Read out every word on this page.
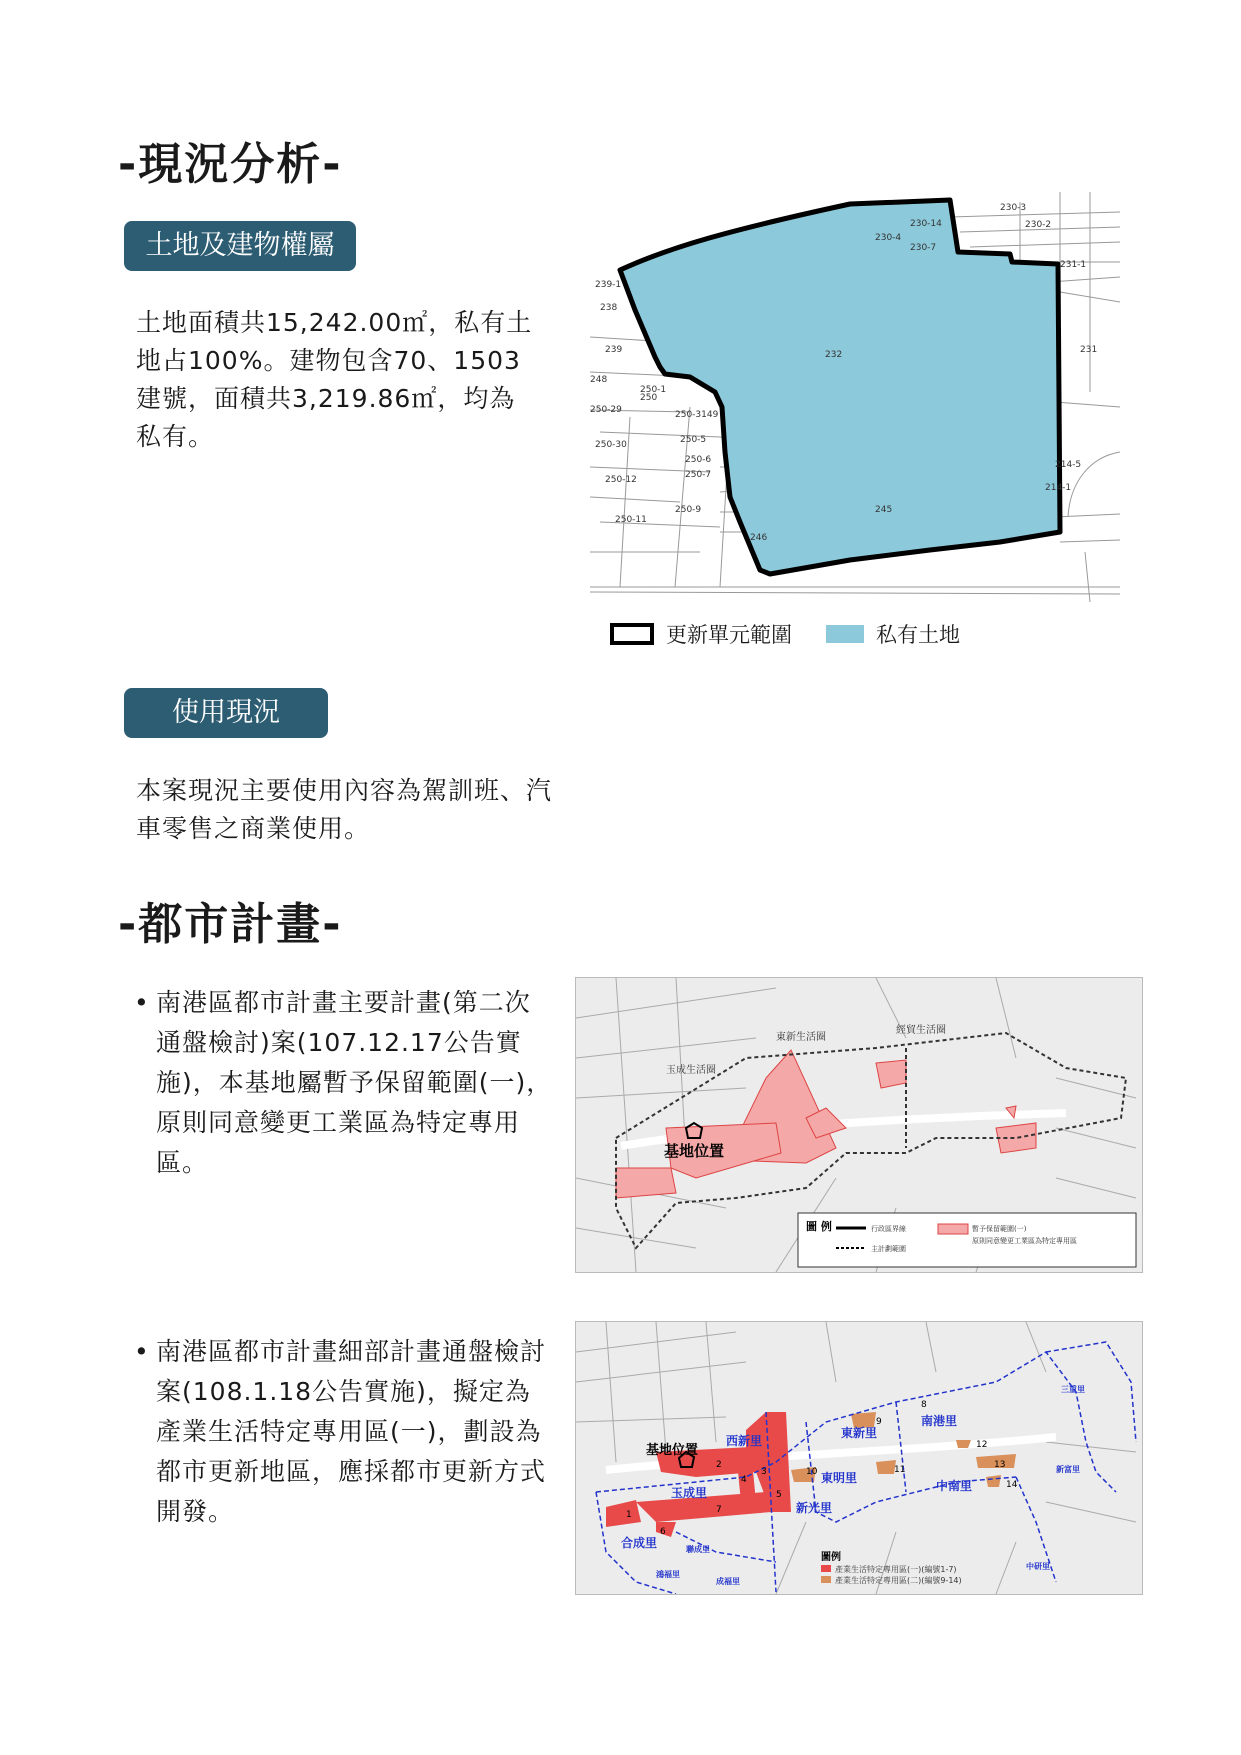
-現況分析-
土地及建物權屬

土地面積共15,242.00㎡，私有土地占100%。建物包含70、1503建號，面積共3,219.86㎡，均為私有。

232
238
239
239-1
231
231-1
248
250-1
250
250-29
250-30
250-12
250-11
250-3149
250-5
250-6
250-7
250-9	245
246
214-5
214-1
230-3
230-7
230-14
230-4
230-2
更新單元範圍	私有土地
使用現況

本案現況主要使用內容為駕訓班、汽車零售之商業使用。

-都市計畫-
• 南港區都市計畫主要計畫(第二次通盤檢討)案(107.12.17公告實施)，本基地屬暫予保留範圍(一)，原則同意變更工業區為特定專用區。
玉成生活圈
東新生活圈
經貿生活圈
基地位置
圖 例	行政區界線
主計劃範圍
暫予保留範圍(一)
原則同意變更工業區為特定專用區
• 南港區都市計畫細部計畫通盤檢討案(108.1.18公告實施)，擬定為產業生活特定專用區(一)，劃設為都市更新地區，應採都市更新方式開發。
西新里
玉成里
合成里
東新里
東明里
南港里
中南里
新光里
新富里
三重里
聯成里
成福里
鴻福里
中研里
1
2
3
4
5
6
7
8
9
10	11
12
13
14
基地位置
圖例
產業生活特定專用區(一)(編號1-7)
產業生活特定專用區(二)(編號9-14)
